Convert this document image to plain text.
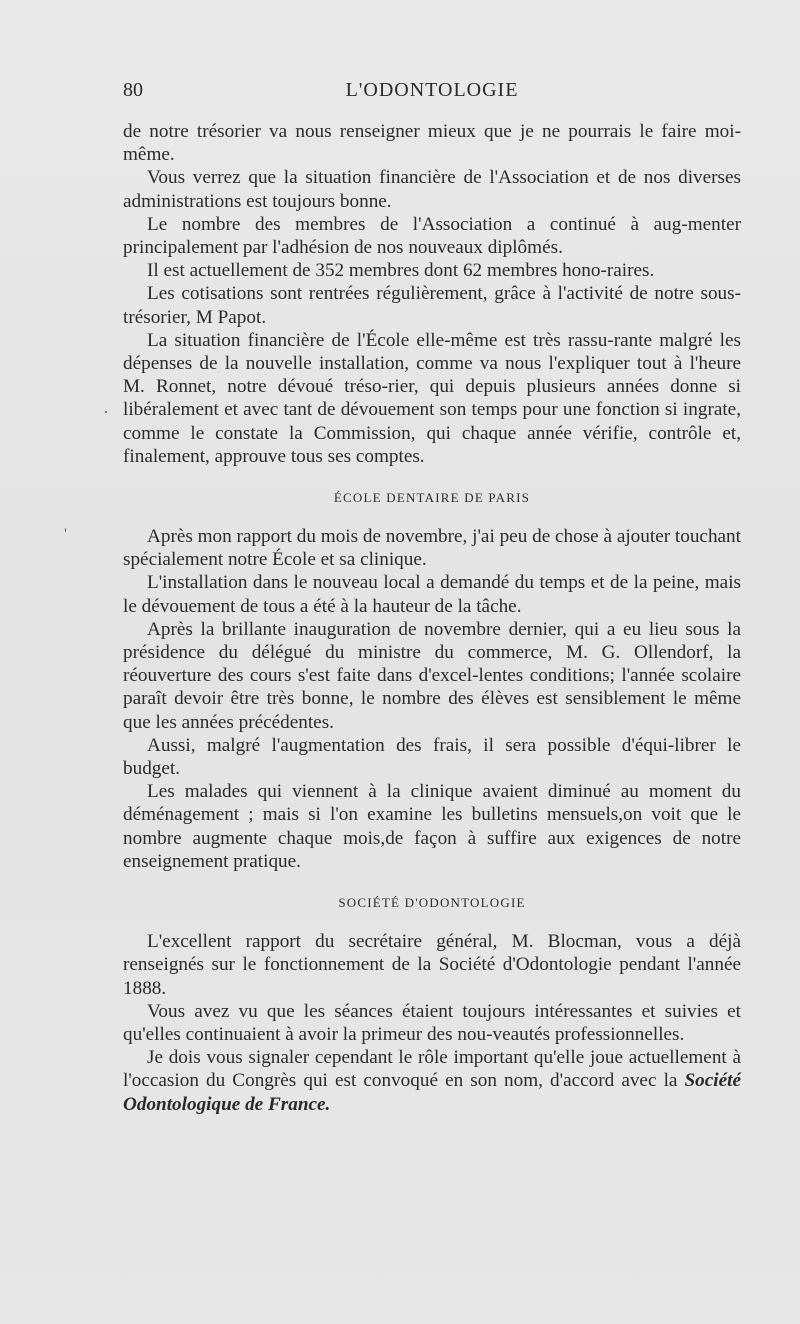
80	L'ODONTOLOGIE
·
'

de notre trésorier va nous renseigner mieux que je ne pourrais le faire moi-même.

Vous verrez que la situation financière de l'Association et de nos diverses administrations est toujours bonne.

Le nombre des membres de l'Association a continué à aug-menter principalement par l'adhésion de nos nouveaux diplômés.

Il est actuellement de 352 membres dont 62 membres hono-raires.

Les cotisations sont rentrées régulièrement, grâce à l'activité de notre sous-trésorier, M Papot.

La situation financière de l'École elle-même est très rassu-rante malgré les dépenses de la nouvelle installation, comme va nous l'expliquer tout à l'heure M. Ronnet, notre dévoué tréso-rier, qui depuis plusieurs années donne si libéralement et avec tant de dévouement son temps pour une fonction si ingrate, comme le constate la Commission, qui chaque année vérifie, contrôle et, finalement, approuve tous ses comptes.

ÉCOLE DENTAIRE DE PARIS

Après mon rapport du mois de novembre, j'ai peu de chose à ajouter touchant spécialement notre École et sa clinique.

L'installation dans le nouveau local a demandé du temps et de la peine, mais le dévouement de tous a été à la hauteur de la tâche.

Après la brillante inauguration de novembre dernier, qui a eu lieu sous la présidence du délégué du ministre du commerce, M. G. Ollendorf, la réouverture des cours s'est faite dans d'excel-lentes conditions; l'année scolaire paraît devoir être très bonne, le nombre des élèves est sensiblement le même que les années précédentes.

Aussi, malgré l'augmentation des frais, il sera possible d'équi-librer le budget.

Les malades qui viennent à la clinique avaient diminué au moment du déménagement ; mais si l'on examine les bulletins mensuels,on voit que le nombre augmente chaque mois,de façon à suffire aux exigences de notre enseignement pratique.

SOCIÉTÉ D'ODONTOLOGIE

L'excellent rapport du secrétaire général, M. Blocman, vous a déjà renseignés sur le fonctionnement de la Société d'Odontologie pendant l'année 1888.

Vous avez vu que les séances étaient toujours intéressantes et suivies et qu'elles continuaient à avoir la primeur des nou-veautés professionnelles.

Je dois vous signaler cependant le rôle important qu'elle joue actuellement à l'occasion du Congrès qui est convoqué en son nom, d'accord avec la Société Odontologique de France.
